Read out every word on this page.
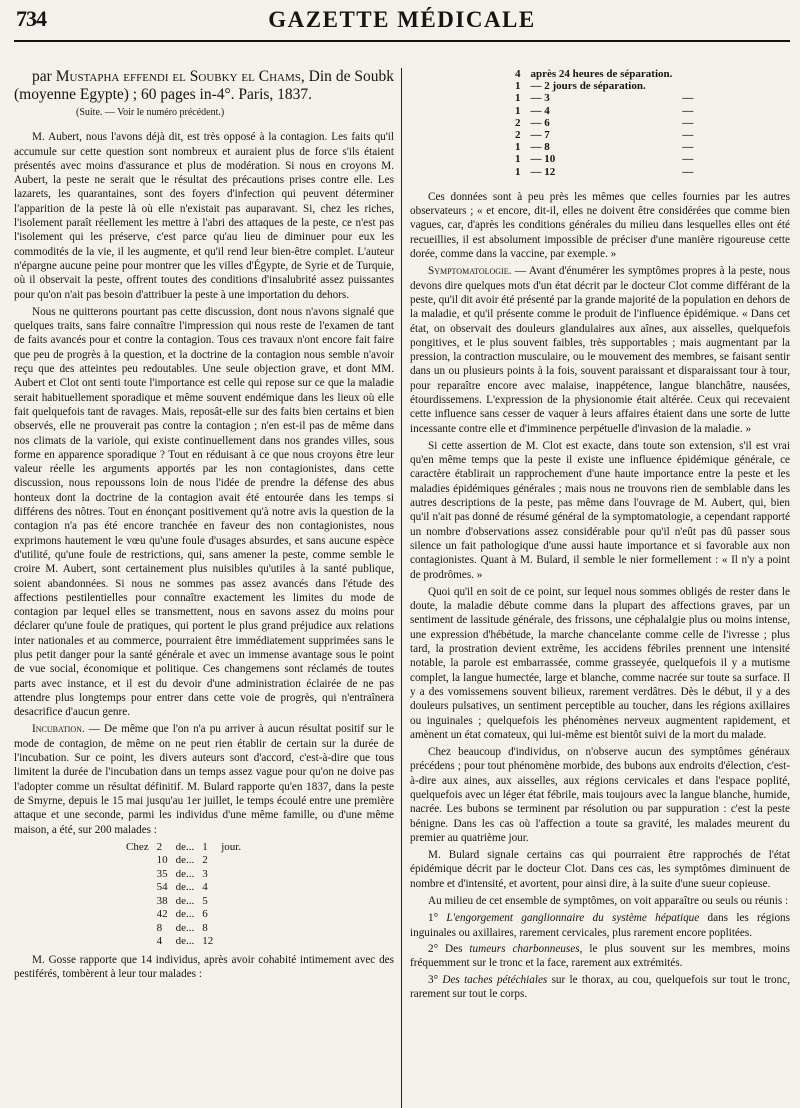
734	GAZETTE MÉDICALE

par Mustapha effendi el Soubky el Chams, Din de Soubk (moyenne Egypte) ; 60 pages in-4°. Paris, 1837.

(Suite. — Voir le numéro précédent.)

M. Aubert, nous l'avons déjà dit, est très opposé à la contagion. Les faits qu'il accumule sur cette question sont nombreux et auraient plus de force s'ils étaient présentés avec moins d'assurance et plus de modération. Si nous en croyons M. Aubert, la peste ne serait que le résultat des précautions prises contre elle. Les lazarets, les quarantaines, sont des foyers d'infection qui peuvent déterminer l'apparition de la peste là où elle n'existait pas auparavant. Si, chez les riches, l'isolement paraît réellement les mettre à l'abri des attaques de la peste, ce n'est pas l'isolement qui les préserve, c'est parce qu'au lieu de diminuer pour eux les commodités de la vie, il les augmente, et qu'il rend leur bien-être complet. L'auteur n'épargne aucune peine pour montrer que les villes d'Égypte, de Syrie et de Turquie, où il observait la peste, offrent toutes des conditions d'insalubrité assez puissantes pour qu'on n'ait pas besoin d'attribuer la peste à une importation du dehors.

Nous ne quitterons pourtant pas cette discussion, dont nous n'avons signalé que quelques traits, sans faire connaître l'impression qui nous reste de l'examen de tant de faits avancés pour et contre la contagion. Tous ces travaux n'ont encore fait faire que peu de progrès à la question, et la doctrine de la contagion nous semble n'avoir reçu que des atteintes peu redoutables. Une seule objection grave, et dont MM. Aubert et Clot ont senti toute l'importance est celle qui repose sur ce que la maladie serait habituellement sporadique et même souvent endémique dans les lieux où elle fait quelquefois tant de ravages. Mais, reposât-elle sur des faits bien certains et bien observés, elle ne prouverait pas contre la contagion ; n'en est-il pas de même dans nos climats de la variole, qui existe continuellement dans nos grandes villes, sous forme en apparence sporadique ? Tout en réduisant à ce que nous croyons être leur valeur réelle les arguments apportés par les non contagionistes, dans cette discussion, nous repoussons loin de nous l'idée de prendre la défense des abus honteux dont la doctrine de la contagion avait été entourée dans les temps si différens des nôtres. Tout en énonçant positivement qu'à notre avis la question de la contagion n'a pas été encore tranchée en faveur des non contagionistes, nous exprimons hautement le vœu qu'une foule d'usages absurdes, et sans aucune espèce d'utilité, qu'une foule de restrictions, qui, sans amener la peste, comme semble le croire M. Aubert, sont certainement plus nuisibles qu'utiles à la santé publique, soient abandonnées. Si nous ne sommes pas assez avancés dans l'étude des affections pestilentielles pour connaître exactement les limites du mode de contagion par lequel elles se transmettent, nous en savons assez du moins pour déclarer qu'une foule de pratiques, qui portent le plus grand préjudice aux relations inter nationales et au commerce, pourraient être immédiatement supprimées sans le plus petit danger pour la santé générale et avec un immense avantage sous le point de vue social, économique et politique. Ces changemens sont réclamés de toutes parts avec instance, et il est du devoir d'une administration éclairée de ne pas attendre plus longtemps pour entrer dans cette voie de progrès, qui n'entraînera desacrifice d'aucun genre.

Incubation. — De même que l'on n'a pu arriver à aucun résultat positif sur le mode de contagion, de même on ne peut rien établir de certain sur la durée de l'incubation. Sur ce point, les divers auteurs sont d'accord, c'est-à-dire que tous limitent la durée de l'incubation dans un temps assez vague pour qu'on ne doive pas l'adopter comme un résultat définitif. M. Bulard rapporte qu'en 1837, dans la peste de Smyrne, depuis le 15 mai jusqu'au 1er juillet, le temps écoulé entre une première attaque et une seconde, parmi les individus d'une même famille, ou d'une même maison, a été, sur 200 malades :

Chez	2	de...	1	jour.
	10	de...	2	
	35	de...	3	
	54	de...	4	
	38	de...	5	
	42	de...	6	
	8	de...	8	
	4	de...	12	

M. Gosse rapporte que 14 individus, après avoir cohabité intimement avec des pestiférés, tombèrent à leur tour malades :

4	après 24 heures de séparation.	
1	— 2 jours de séparation.	
1	— 3	—
1	— 4	—
2	— 6	—
2	— 7	—
1	— 8	—
1	— 10	—
1	— 12	—

Ces données sont à peu près les mêmes que celles fournies par les autres observateurs ; « et encore, dit-il, elles ne doivent être considérées que comme bien vagues, car, d'après les conditions générales du milieu dans lesquelles elles ont été recueillies, il est absolument impossible de préciser d'une manière rigoureuse cette dorée, comme dans la vaccine, par exemple. »

Symptomatologie. — Avant d'énumérer les symptômes propres à la peste, nous devons dire quelques mots d'un état décrit par le docteur Clot comme différant de la peste, qu'il dit avoir été présenté par la grande majorité de la population en dehors de la maladie, et qu'il présente comme le produit de l'influence épidémique. « Dans cet état, on observait des douleurs glandulaires aux aînes, aux aisselles, quelquefois pongitives, et le plus souvent faibles, très supportables ; mais augmentant par la pression, la contraction musculaire, ou le mouvement des membres, se faisant sentir dans un ou plusieurs points à la fois, souvent paraissant et disparaissant tour à tour, pour reparaître encore avec malaise, inappétence, langue blanchâtre, nausées, étourdissemens. L'expression de la physionomie était altérée. Ceux qui recevaient cette influence sans cesser de vaquer à leurs affaires étaient dans une sorte de lutte incessante contre elle et d'imminence perpétuelle d'invasion de la maladie. »

Si cette assertion de M. Clot est exacte, dans toute son extension, s'il est vrai qu'en même temps que la peste il existe une influence épidémique générale, ce caractère établirait un rapprochement d'une haute importance entre la peste et les maladies épidémiques générales ; mais nous ne trouvons rien de semblable dans les autres descriptions de la peste, pas même dans l'ouvrage de M. Aubert, qui, bien qu'il n'ait pas donné de résumé général de la symptomatologie, a cependant rapporté un nombre d'observations assez considérable pour qu'il n'eût pas dû passer sous silence un fait pathologique d'une aussi haute importance et si favorable aux non contagionistes. Quant à M. Bulard, il semble le nier formellement : « Il n'y a point de prodrômes. »

Quoi qu'il en soit de ce point, sur lequel nous sommes obligés de rester dans le doute, la maladie débute comme dans la plupart des affections graves, par un sentiment de lassitude générale, des frissons, une céphalalgie plus ou moins intense, une expression d'hébétude, la marche chancelante comme celle de l'ivresse ; plus tard, la prostration devient extrême, les accidens fébriles prennent une intensité notable, la parole est embarrassée, comme grasseyée, quelquefois il y a mutisme complet, la langue humectée, large et blanche, comme nacrée sur toute sa surface. Il y a des vomissemens souvent bilieux, rarement verdâtres. Dès le début, il y a des douleurs pulsatives, un sentiment perceptible au toucher, dans les régions axillaires ou inguinales ; quelquefois les phénomènes nerveux augmentent rapidement, et amènent un état comateux, qui lui-même est bientôt suivi de la mort du malade.

Chez beaucoup d'individus, on n'observe aucun des symptômes généraux précédens ; pour tout phénomène morbide, des bubons aux endroits d'élection, c'est-à-dire aux aines, aux aisselles, aux régions cervicales et dans l'espace poplité, quelquefois avec un léger état fébrile, mais toujours avec la langue blanche, humide, nacrée. Les bubons se terminent par résolution ou par suppuration : c'est la peste bénigne. Dans les cas où l'affection a toute sa gravité, les malades meurent du premier au quatrième jour.

M. Bulard signale certains cas qui pourraient être rapprochés de l'état épidémique décrit par le docteur Clot. Dans ces cas, les symptômes diminuent de nombre et d'intensité, et avortent, pour ainsi dire, à la suite d'une sueur copieuse.

Au milieu de cet ensemble de symptômes, on voit apparaître ou seuls ou réunis :

1° L'engorgement ganglionnaire du système hépatique dans les régions inguinales ou axillaires, rarement cervicales, plus rarement encore poplitées.

2° Des tumeurs charbonneuses, le plus souvent sur les membres, moins fréquemment sur le tronc et la face, rarement aux extrémités.

3° Des taches pétéchiales sur le thorax, au cou, quelquefois sur tout le tronc, rarement sur tout le corps.
